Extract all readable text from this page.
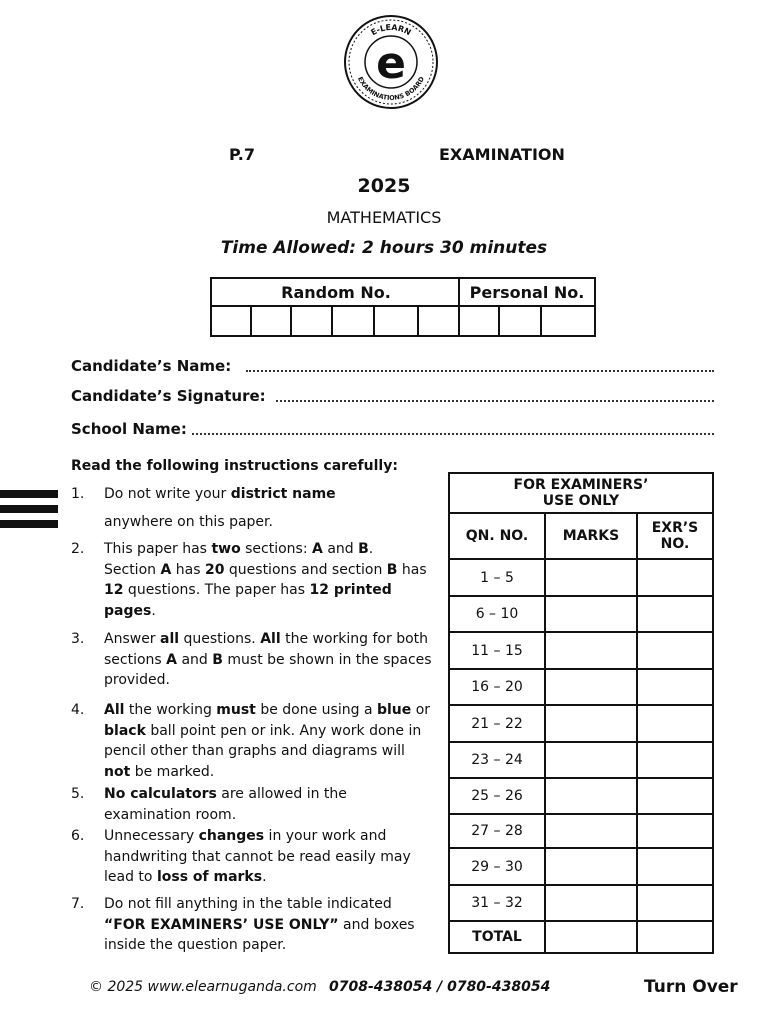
E-LEARN
EXAMINATIONS BOARD
e
P.7	EXAMINATION
2025
MATHEMATICS
Time Allowed: 2 hours 30 minutes
Random No.	Personal No.
Candidate’s Name:
Candidate’s Signature:
School Name:
Read the following instructions carefully:
1. Do not write your district name
anywhere on this paper.
2. This paper has two sections: A and B.
Section A has 20 questions and section B has 12 questions. The paper has 12 printed pages.
3. Answer all questions. All the working for both sections A and B must be shown in the spaces provided.
4. All the working must be done using a blue or black ball point pen or ink. Any work done in pencil other than graphs and diagrams will not be marked.
5. No calculators are allowed in the examination room.
6. Unnecessary changes in your work and handwriting that cannot be read easily may lead to loss of marks.
7. Do not fill anything in the table indicated “FOR EXAMINERS’ USE ONLY” and boxes inside the question paper.
FOR EXAMINERS’
USE ONLY		
QN. NO.	MARKS	EXR’S
NO.
1 – 5		
6 – 10		
11 – 15		
16 – 20		
21 – 22		
23 – 24		
25 – 26		
27 – 28		
29 – 30		
31 – 32		
TOTAL		
© 2025 www.elearnuganda.com 0708-438054 / 0780-438054	Turn Over
